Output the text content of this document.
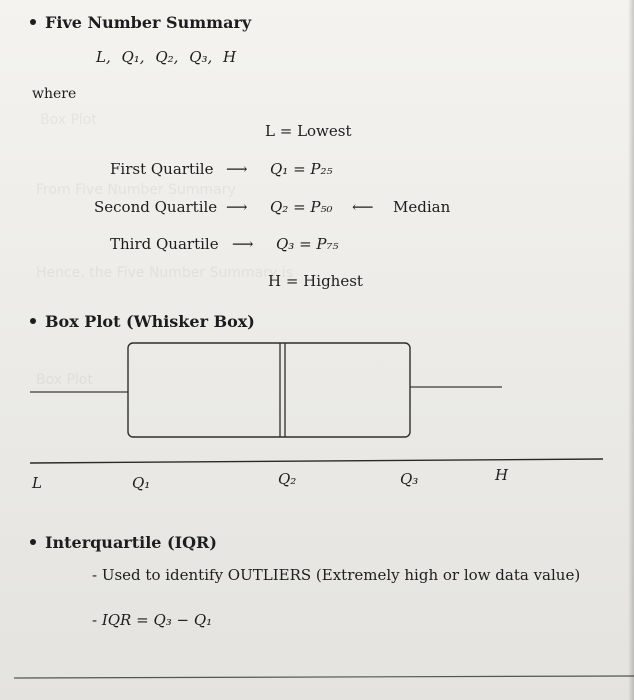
Box Plot
From Five Number Summary
Hence, the Five Number Summary is
Box Plot
Five Number Summary
L, Q₁, Q₂, Q₃, H
where
L = Lowest
First Quartile ⟶ Q₁ = P₂₅
Second Quartile ⟶ Q₂ = P₅₀ ⟵ Median
Third Quartile ⟶ Q₃ = P₇₅
H = Highest
Box Plot (Whisker Box)
L	Q₁	Q₂	Q₃	H
Interquartile (IQR)
- Used to identify OUTLIERS (Extremely high or low data value)
- IQR = Q₃ − Q₁
